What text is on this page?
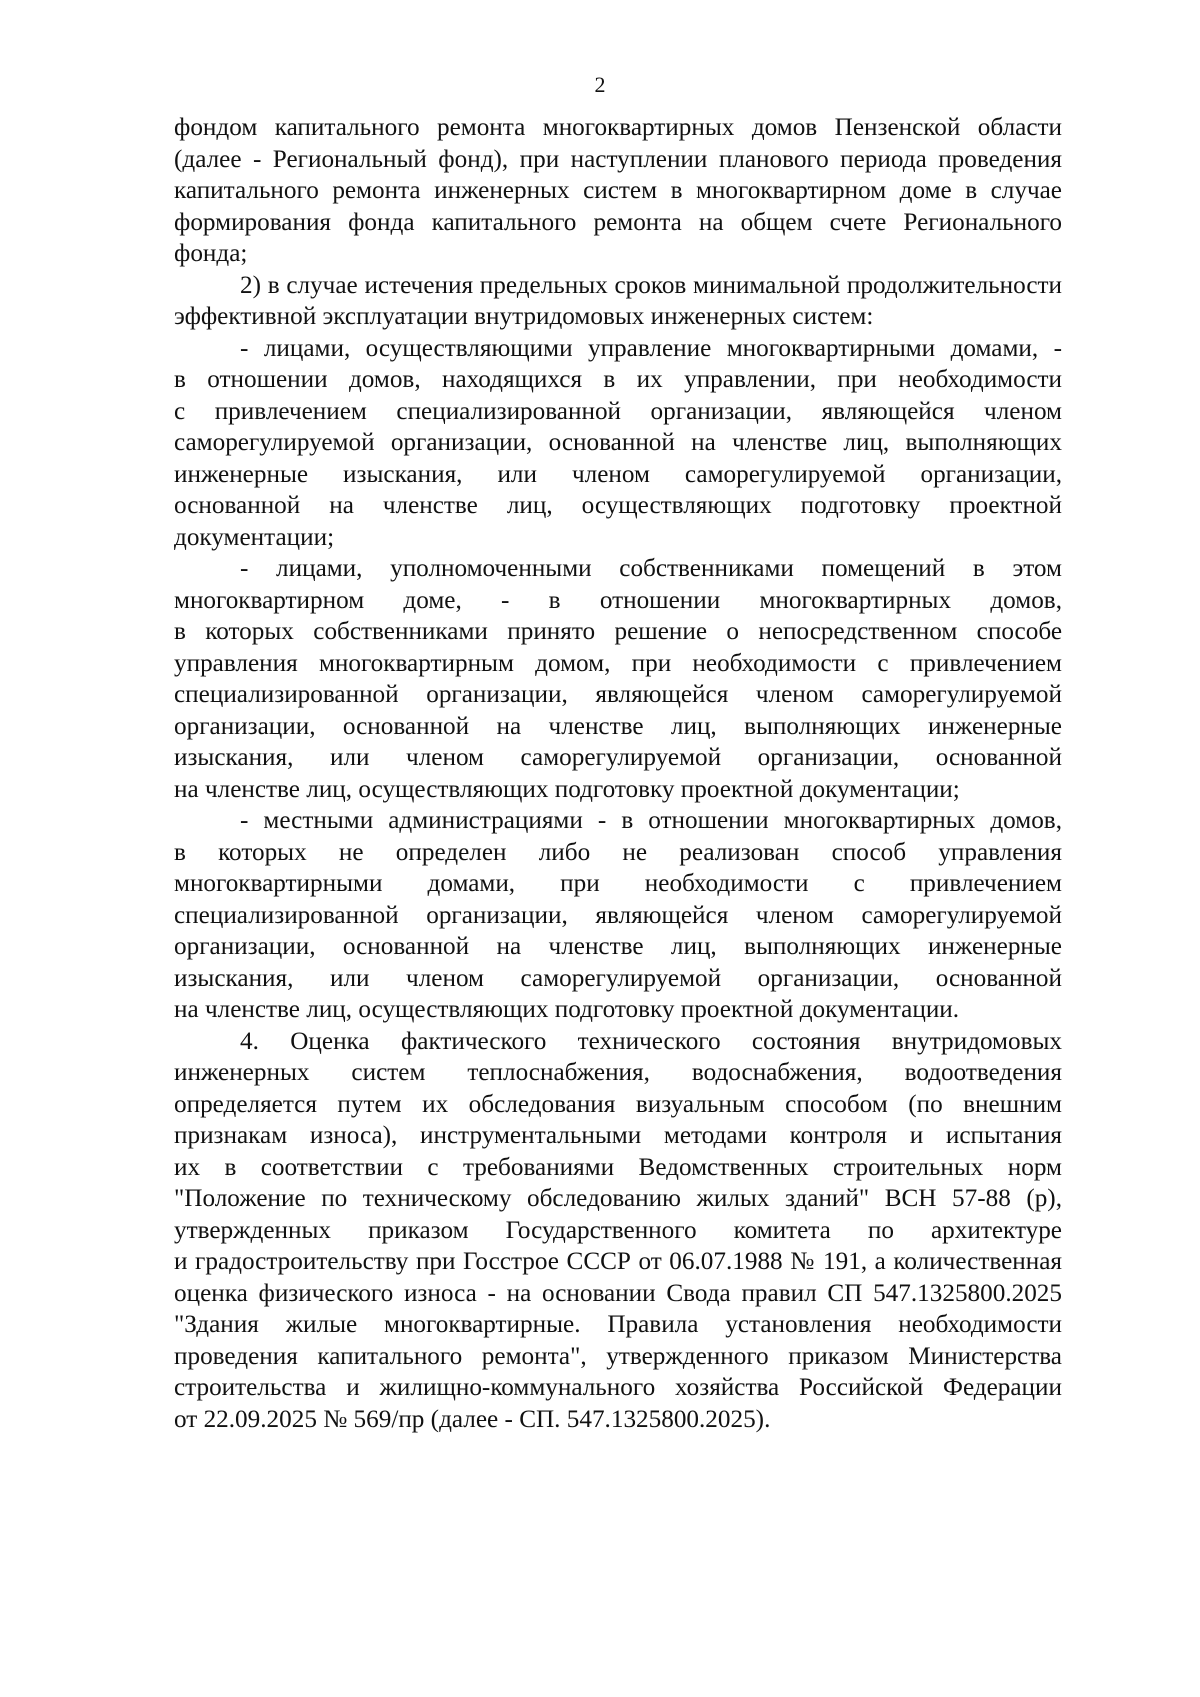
2
фондом капитального ремонта многоквартирных домов Пензенской области
(далее - Региональный фонд), при наступлении планового периода проведения
капитального ремонта инженерных систем в многоквартирном доме в случае
формирования фонда капитального ремонта на общем счете Регионального
фонда;
2) в случае истечения предельных сроков минимальной продолжительности
эффективной эксплуатации внутридомовых инженерных систем:
- лицами, осуществляющими управление многоквартирными домами, -
в отношении домов, находящихся в их управлении, при необходимости
с привлечением специализированной организации, являющейся членом
саморегулируемой организации, основанной на членстве лиц, выполняющих
инженерные изыскания, или членом саморегулируемой организации,
основанной на членстве лиц, осуществляющих подготовку проектной
документации;
- лицами, уполномоченными собственниками помещений в этом
многоквартирном доме, - в отношении многоквартирных домов,
в которых собственниками принято решение о непосредственном способе
управления многоквартирным домом, при необходимости с привлечением
специализированной организации, являющейся членом саморегулируемой
организации, основанной на членстве лиц, выполняющих инженерные
изыскания, или членом саморегулируемой организации, основанной
на членстве лиц, осуществляющих подготовку проектной документации;
- местными администрациями - в отношении многоквартирных домов,
в которых не определен либо не реализован способ управления
многоквартирными домами, при необходимости с привлечением
специализированной организации, являющейся членом саморегулируемой
организации, основанной на членстве лиц, выполняющих инженерные
изыскания, или членом саморегулируемой организации, основанной
на членстве лиц, осуществляющих подготовку проектной документации.
4. Оценка фактического технического состояния внутридомовых
инженерных систем теплоснабжения, водоснабжения, водоотведения
определяется путем их обследования визуальным способом (по внешним
признакам износа), инструментальными методами контроля и испытания
их в соответствии с требованиями Ведомственных строительных норм
"Положение по техническому обследованию жилых зданий" ВСН 57-88 (р),
утвержденных приказом Государственного комитета по архитектуре
и градостроительству при Госстрое СССР от 06.07.1988 № 191, а количественная
оценка физического износа - на основании Свода правил СП 547.1325800.2025
"Здания жилые многоквартирные. Правила установления необходимости
проведения капитального ремонта", утвержденного приказом Министерства
строительства и жилищно-коммунального хозяйства Российской Федерации
от 22.09.2025 № 569/пр (далее - СП. 547.1325800.2025).
